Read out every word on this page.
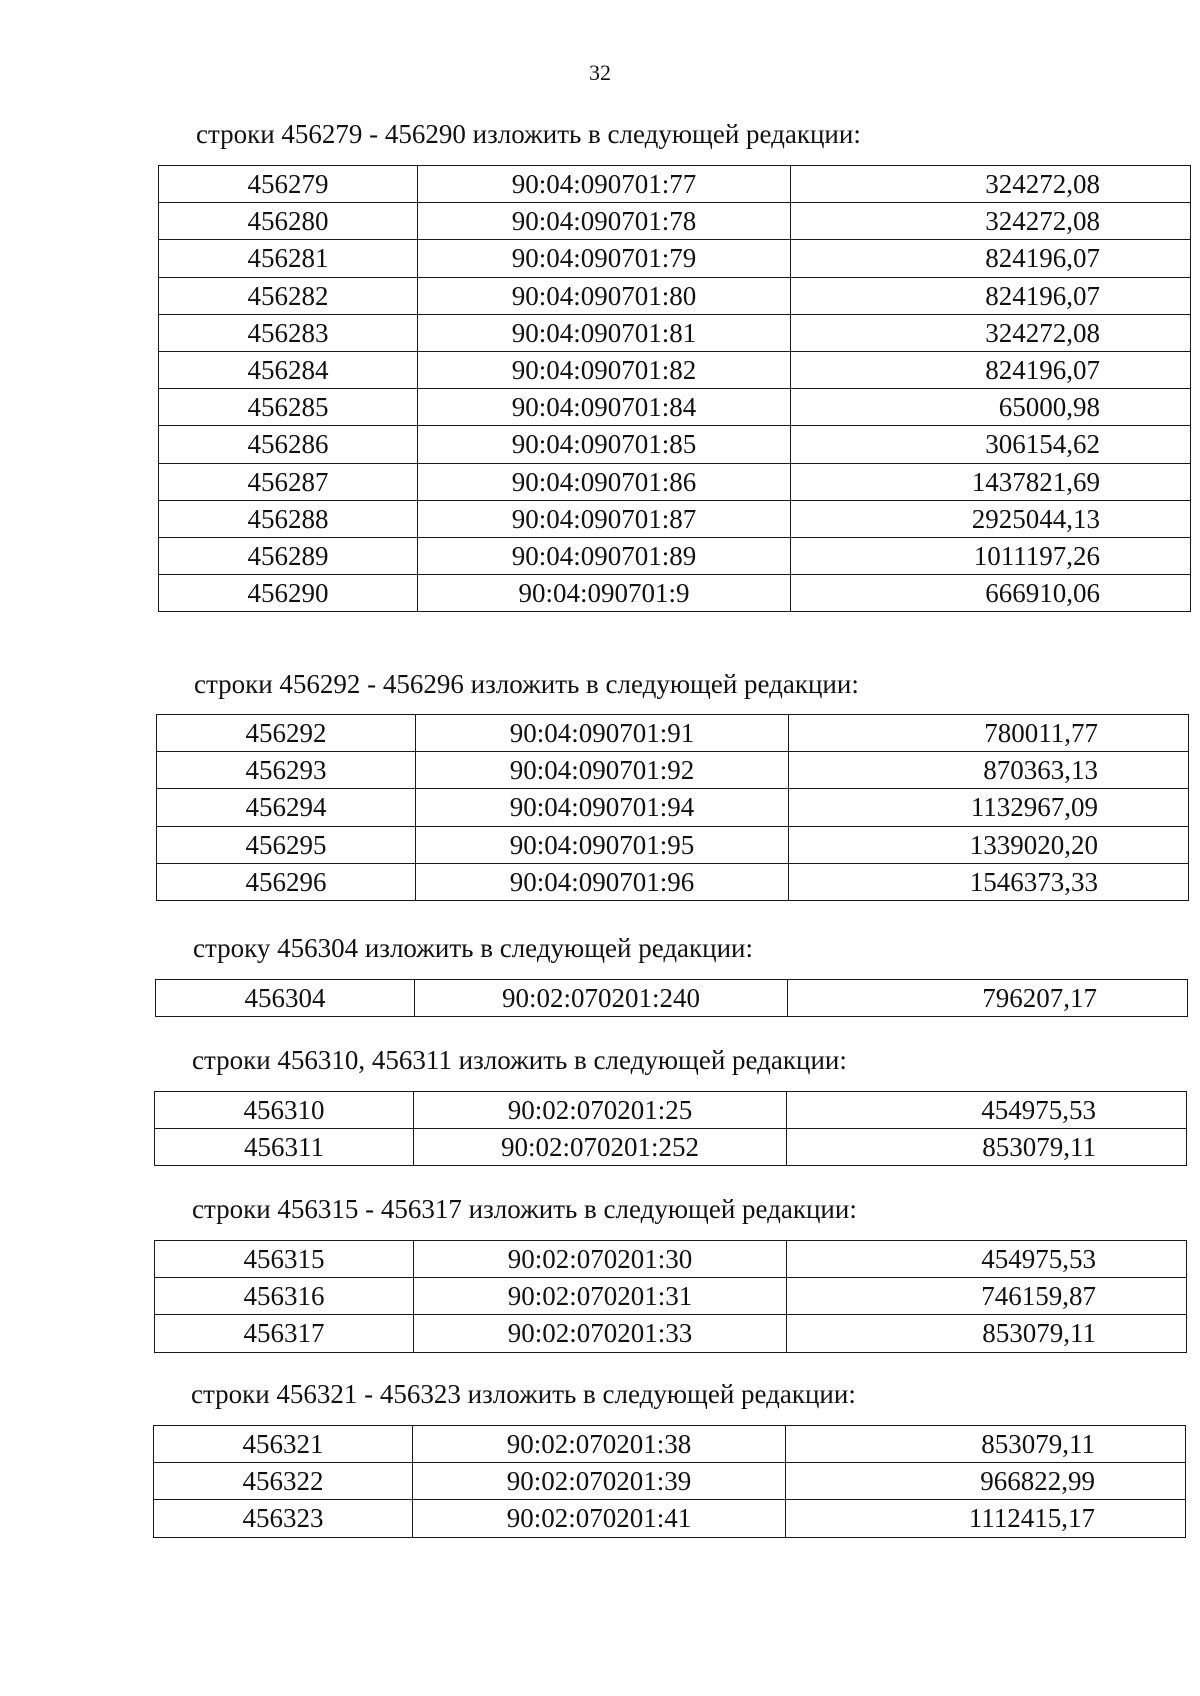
32
строки 456279 - 456290 изложить в следующей редакции:
456279	90:04:090701:77	324272,08
456280	90:04:090701:78	324272,08
456281	90:04:090701:79	824196,07
456282	90:04:090701:80	824196,07
456283	90:04:090701:81	324272,08
456284	90:04:090701:82	824196,07
456285	90:04:090701:84	65000,98
456286	90:04:090701:85	306154,62
456287	90:04:090701:86	1437821,69
456288	90:04:090701:87	2925044,13
456289	90:04:090701:89	1011197,26
456290	90:04:090701:9	666910,06
строки 456292 - 456296 изложить в следующей редакции:
456292	90:04:090701:91	780011,77
456293	90:04:090701:92	870363,13
456294	90:04:090701:94	1132967,09
456295	90:04:090701:95	1339020,20
456296	90:04:090701:96	1546373,33
строку 456304 изложить в следующей редакции:
456304	90:02:070201:240	796207,17
строки 456310, 456311 изложить в следующей редакции:
456310	90:02:070201:25	454975,53
456311	90:02:070201:252	853079,11
строки 456315 - 456317 изложить в следующей редакции:
456315	90:02:070201:30	454975,53
456316	90:02:070201:31	746159,87
456317	90:02:070201:33	853079,11
строки 456321 - 456323 изложить в следующей редакции:
456321	90:02:070201:38	853079,11
456322	90:02:070201:39	966822,99
456323	90:02:070201:41	1112415,17
